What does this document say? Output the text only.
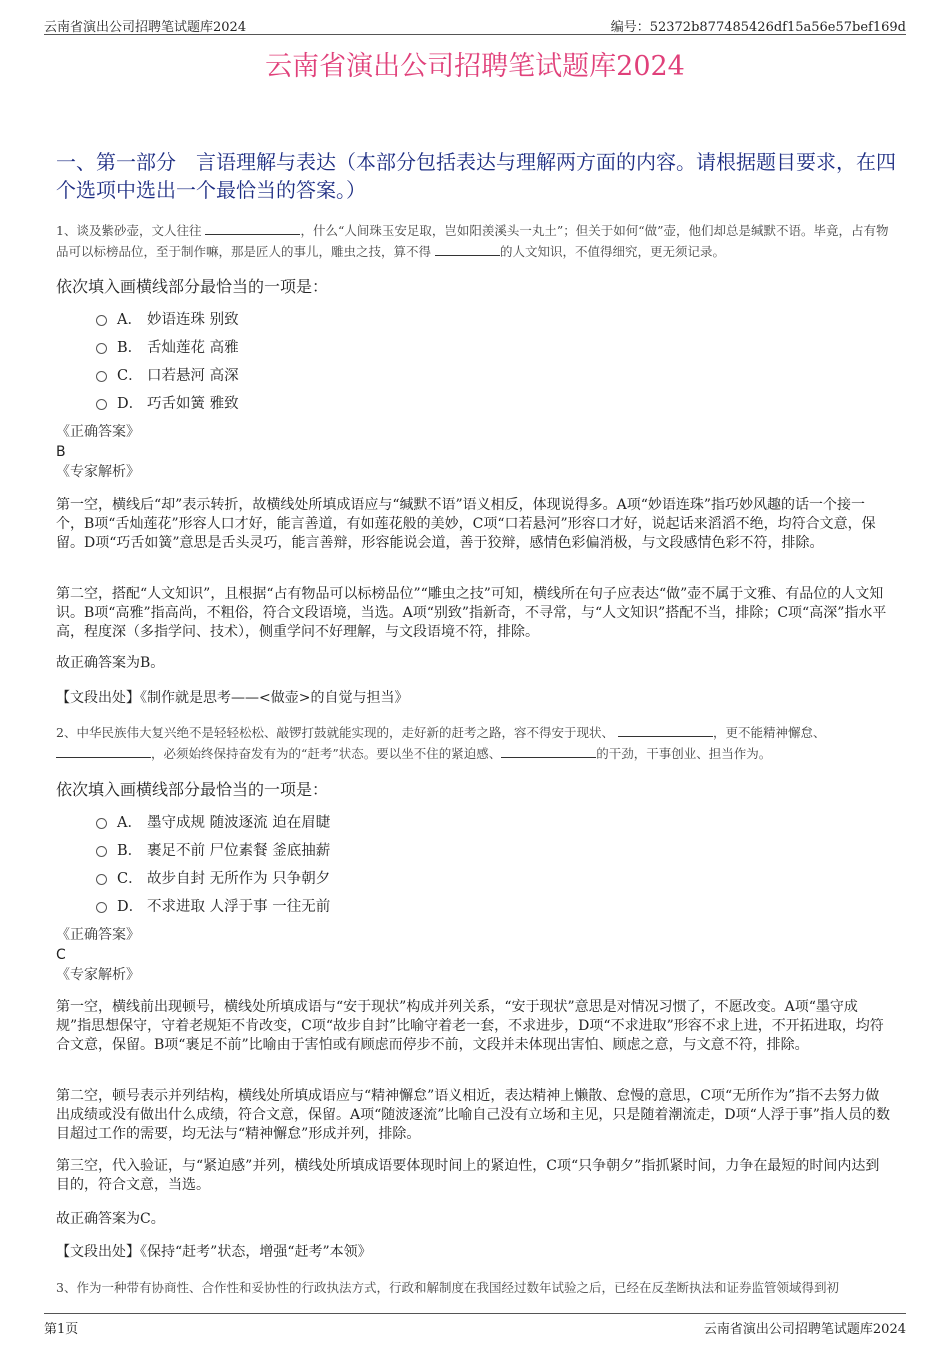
云南省演出公司招聘笔试题库2024	编号：52372b877485426df15a56e57bef169d
云南省演出公司招聘笔试题库2024
一、第一部分　言语理解与表达（本部分包括表达与理解两方面的内容。请根据题目要求，在四个选项中选出一个最恰当的答案。）

1、谈及紫砂壶，文人往往	，什么“人间珠玉安足取，岂如阳羡溪头一丸土”；但关于如何“做”壶，他们却总是缄默不语。毕竟，占有物品可以标榜品位，至于制作嘛，那是匠人的事儿，雕虫之技，算不得	的人文知识，不值得细究，更无须记录。

依次填入画横线部分最恰当的一项是：
A． 妙语连珠 别致
B． 舌灿莲花 高雅
C． 口若悬河 高深
D． 巧舌如簧 雅致
《正确答案》
B
《专家解析》

第一空，横线后“却”表示转折，故横线处所填成语应与“缄默不语”语义相反，体现说得多。A项“妙语连珠”指巧妙风趣的话一个接一个，B项“舌灿莲花”形容人口才好，能言善道，有如莲花般的美妙，C项“口若悬河”形容口才好，说起话来滔滔不绝，均符合文意，保留。D项“巧舌如簧”意思是舌头灵巧，能言善辩，形容能说会道，善于狡辩，感情色彩偏消极，与文段感情色彩不符，排除。

第二空，搭配“人文知识”，且根据“占有物品可以标榜品位”“雕虫之技”可知，横线所在句子应表达“做”壶不属于文雅、有品位的人文知识。B项“高雅”指高尚，不粗俗，符合文段语境，当选。A项“别致”指新奇，不寻常，与“人文知识”搭配不当，排除；C项“高深”指水平高，程度深（多指学问、技术），侧重学问不好理解，与文段语境不符，排除。

故正确答案为B。

【文段出处】《制作就是思考——<做壶>的自觉与担当》

2、中华民族伟大复兴绝不是轻轻松松、敲锣打鼓就能实现的，走好新的赶考之路，容不得安于现状、	，更不能精神懈怠、，必须始终保持奋发有为的“赶考”状态。要以坐不住的紧迫感、	的干劲，干事创业、担当作为。

依次填入画横线部分最恰当的一项是：
A． 墨守成规 随波逐流 迫在眉睫
B． 裹足不前 尸位素餐 釜底抽薪
C． 故步自封 无所作为 只争朝夕
D． 不求进取 人浮于事 一往无前
《正确答案》
C
《专家解析》

第一空，横线前出现顿号，横线处所填成语与“安于现状”构成并列关系，“安于现状”意思是对情况习惯了，不愿改变。A项“墨守成规”指思想保守，守着老规矩不肯改变，C项“故步自封”比喻守着老一套，不求进步，D项“不求进取”形容不求上进，不开拓进取，均符合文意，保留。B项“裹足不前”比喻由于害怕或有顾虑而停步不前，文段并未体现出害怕、顾虑之意，与文意不符，排除。

第二空，顿号表示并列结构，横线处所填成语应与“精神懈怠”语义相近，表达精神上懒散、怠慢的意思，C项“无所作为”指不去努力做出成绩或没有做出什么成绩，符合文意，保留。A项“随波逐流”比喻自己没有立场和主见，只是随着潮流走，D项“人浮于事”指人员的数目超过工作的需要，均无法与“精神懈怠”形成并列，排除。

第三空，代入验证，与“紧迫感”并列，横线处所填成语要体现时间上的紧迫性，C项“只争朝夕”指抓紧时间，力争在最短的时间内达到目的，符合文意，当选。

故正确答案为C。

【文段出处】《保持“赶考”状态，增强“赶考”本领》

3、作为一种带有协商性、合作性和妥协性的行政执法方式，行政和解制度在我国经过数年试验之后，已经在反垄断执法和证券监管领域得到初

第1页	云南省演出公司招聘笔试题库2024
